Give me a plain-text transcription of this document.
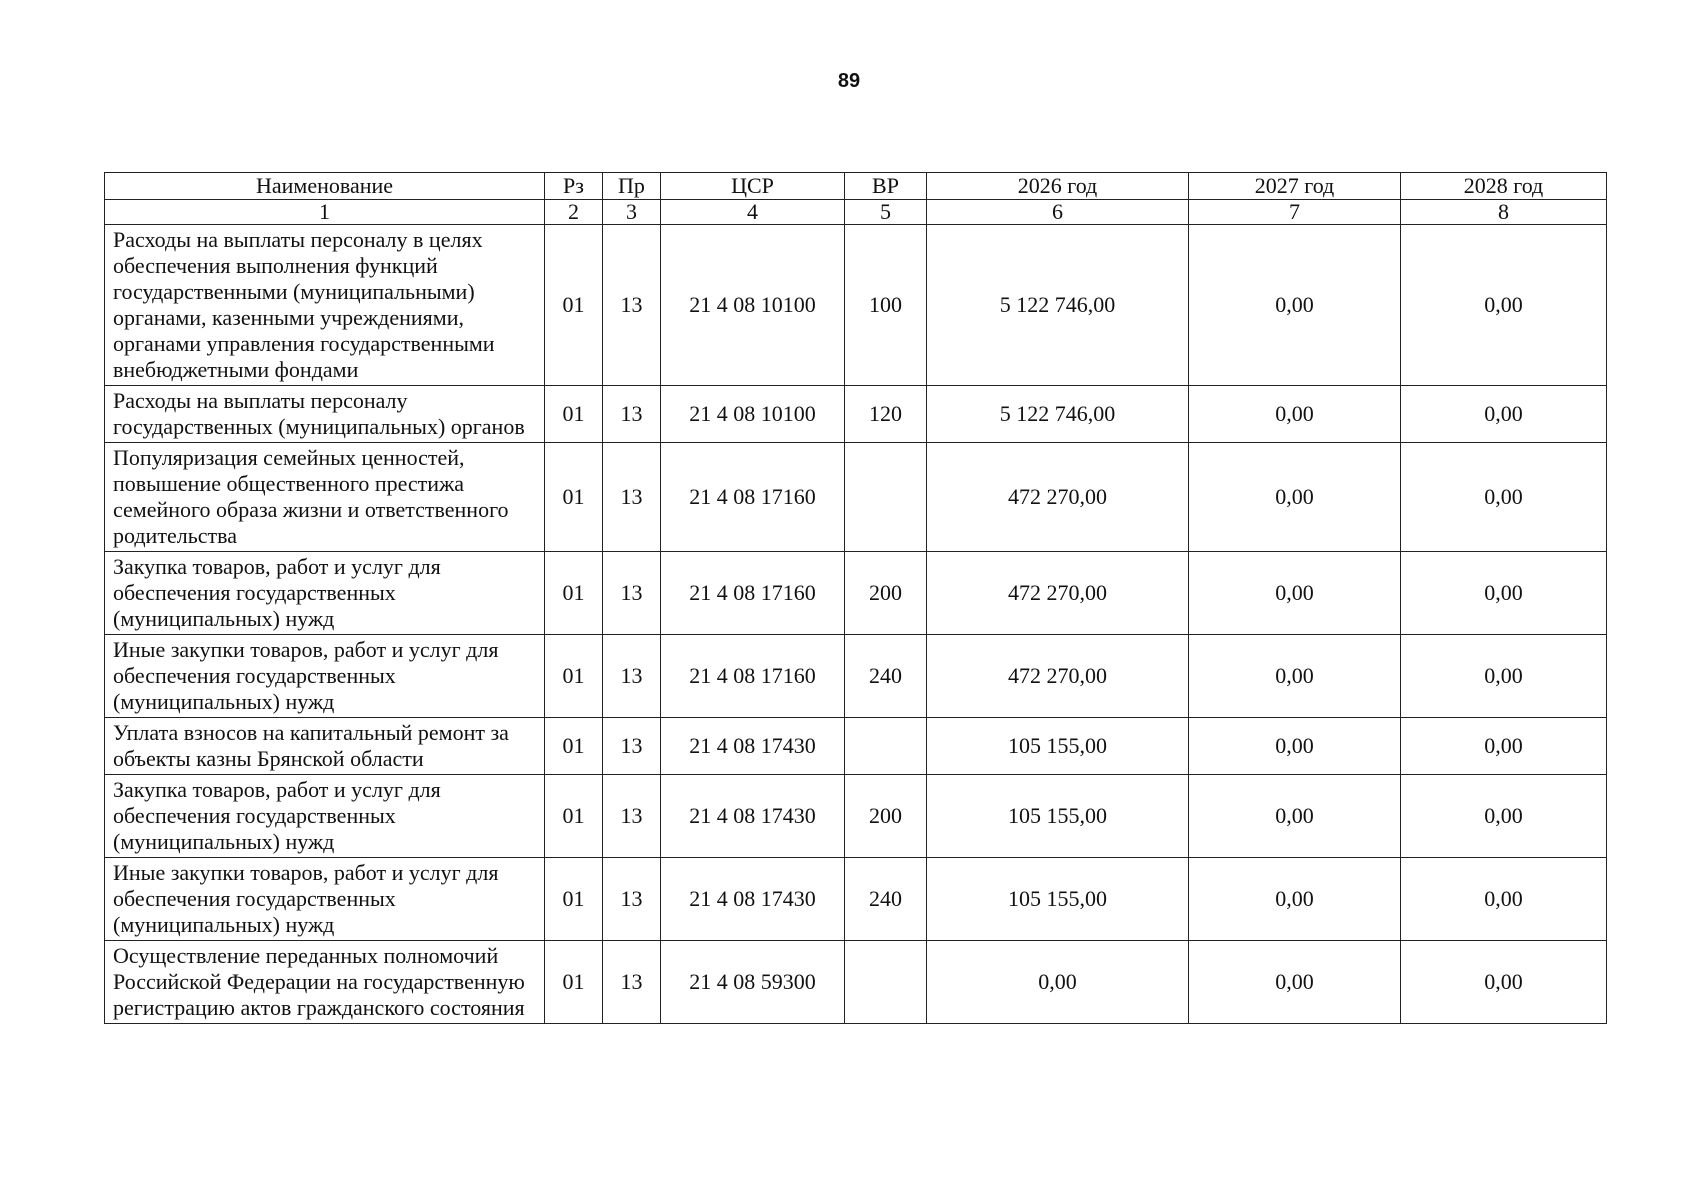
89
Наименование	Рз	Пр	ЦСР	ВР	2026 год	2027 год	2028 год
1	2	3	4	5	6	7	8
Расходы на выплаты персоналу в целях обеспечения выполнения функций государственными (муниципальными) органами, казенными учреждениями, органами управления государственными внебюджетными фондами	01	13	21 4 08 10100	100	5 122 746,00	0,00	0,00
Расходы на выплаты персоналу государственных (муниципальных) органов	01	13	21 4 08 10100	120	5 122 746,00	0,00	0,00
Популяризация семейных ценностей, повышение общественного престижа семейного образа жизни и ответственного родительства	01	13	21 4 08 17160		472 270,00	0,00	0,00
Закупка товаров, работ и услуг для обеспечения государственных (муниципальных) нужд	01	13	21 4 08 17160	200	472 270,00	0,00	0,00
Иные закупки товаров, работ и услуг для обеспечения государственных (муниципальных) нужд	01	13	21 4 08 17160	240	472 270,00	0,00	0,00
Уплата взносов на капитальный ремонт за объекты казны Брянской области	01	13	21 4 08 17430		105 155,00	0,00	0,00
Закупка товаров, работ и услуг для обеспечения государственных (муниципальных) нужд	01	13	21 4 08 17430	200	105 155,00	0,00	0,00
Иные закупки товаров, работ и услуг для обеспечения государственных (муниципальных) нужд	01	13	21 4 08 17430	240	105 155,00	0,00	0,00
Осуществление переданных полномочий Российской Федерации на государственную регистрацию актов гражданского состояния	01	13	21 4 08 59300		0,00	0,00	0,00
